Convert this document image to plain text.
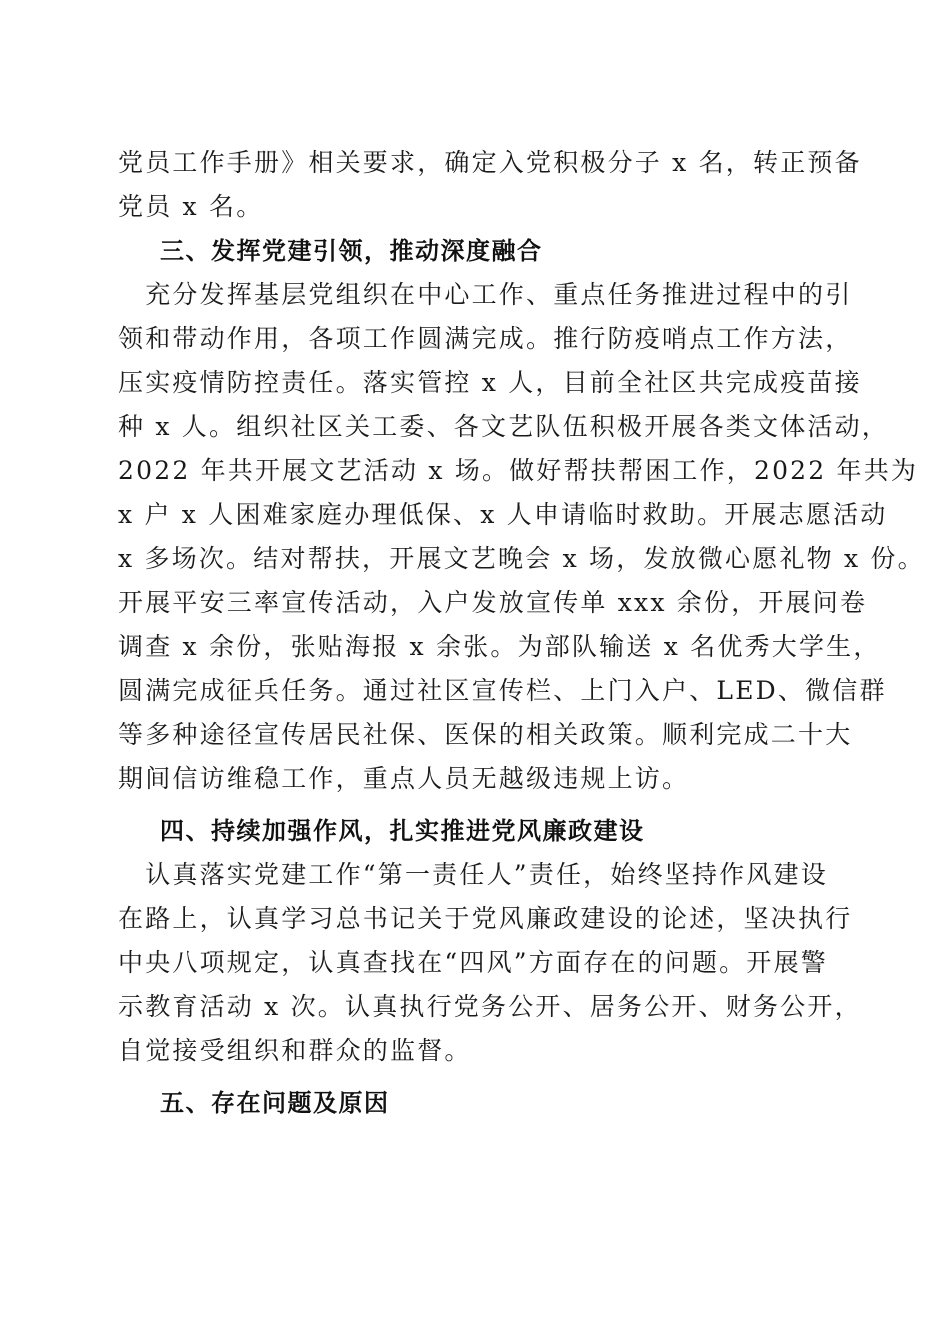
党员工作手册》相关要求，确定入党积极分子 x 名，转正预备
党员 x 名。
三、发挥党建引领，推动深度融合
　充分发挥基层党组织在中心工作、重点任务推进过程中的引
领和带动作用，各项工作圆满完成。推行防疫哨点工作方法，
压实疫情防控责任。落实管控 x 人，目前全社区共完成疫苗接
种 x 人。组织社区关工委、各文艺队伍积极开展各类文体活动，
2022 年共开展文艺活动 x 场。做好帮扶帮困工作，2022 年共为
x 户 x 人困难家庭办理低保、x 人申请临时救助。开展志愿活动
x 多场次。结对帮扶，开展文艺晚会 x 场，发放微心愿礼物 x 份。
开展平安三率宣传活动，入户发放宣传单 xxx 余份，开展问卷
调查 x 余份，张贴海报 x 余张。为部队输送 x 名优秀大学生，
圆满完成征兵任务。通过社区宣传栏、上门入户、LED、微信群
等多种途径宣传居民社保、医保的相关政策。顺利完成二十大
期间信访维稳工作，重点人员无越级违规上访。
四、持续加强作风，扎实推进党风廉政建设
　认真落实党建工作“第一责任人”责任，始终坚持作风建设
在路上，认真学习总书记关于党风廉政建设的论述，坚决执行
中央八项规定，认真查找在“四风”方面存在的问题。开展警
示教育活动 x 次。认真执行党务公开、居务公开、财务公开，
自觉接受组织和群众的监督。
五、存在问题及原因
